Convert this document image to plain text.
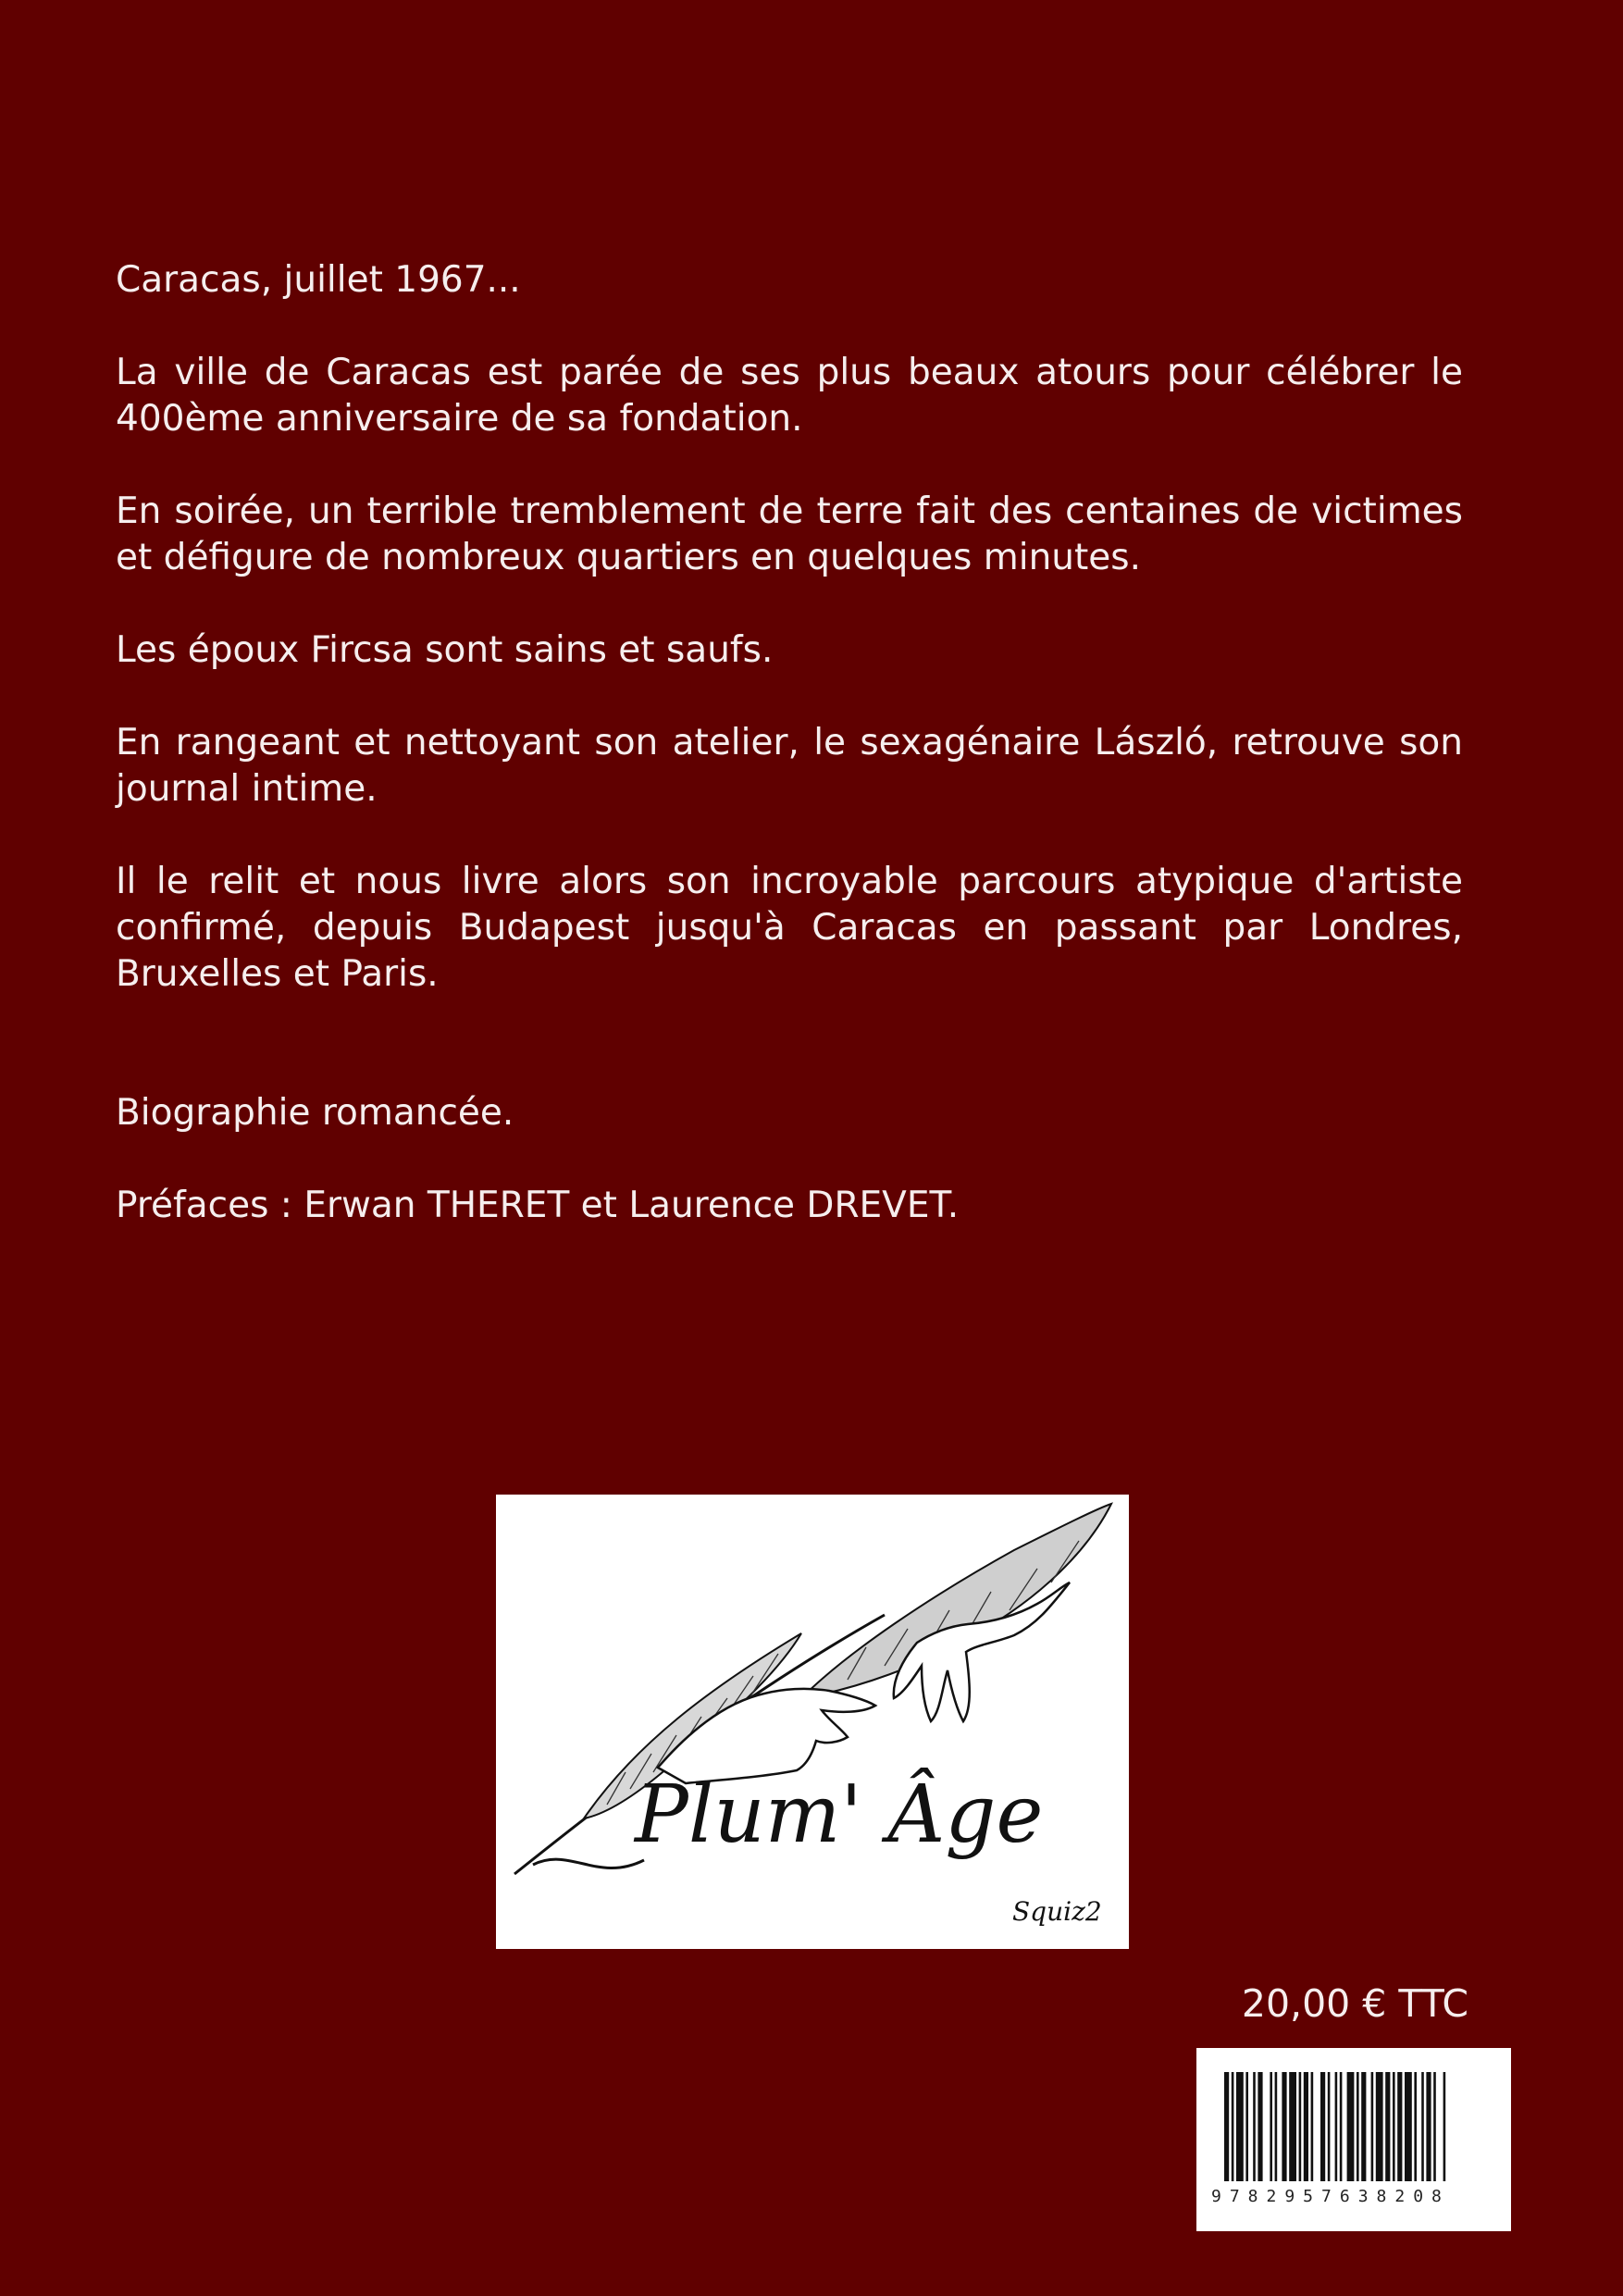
Caracas, juillet 1967...

La ville de Caracas est parée de ses plus beaux atours pour célébrer le 400ème anniversaire de sa fondation.

En soirée, un terrible tremblement de terre fait des centaines de victimes et défigure de nombreux quartiers en quelques minutes.

Les époux Fircsa sont sains et saufs.

En rangeant et nettoyant son atelier, le sexagénaire László, retrouve son journal intime.

Il le relit et nous livre alors son incroyable parcours atypique d'artiste confirmé, depuis Budapest jusqu'à Caracas en passant par Londres, Bruxelles et Paris.

Biographie romancée.

Préfaces : Erwan THERET et Laurence DREVET.

Plum' Âge
Squiz2
20,00 € TTC
9782957638208
